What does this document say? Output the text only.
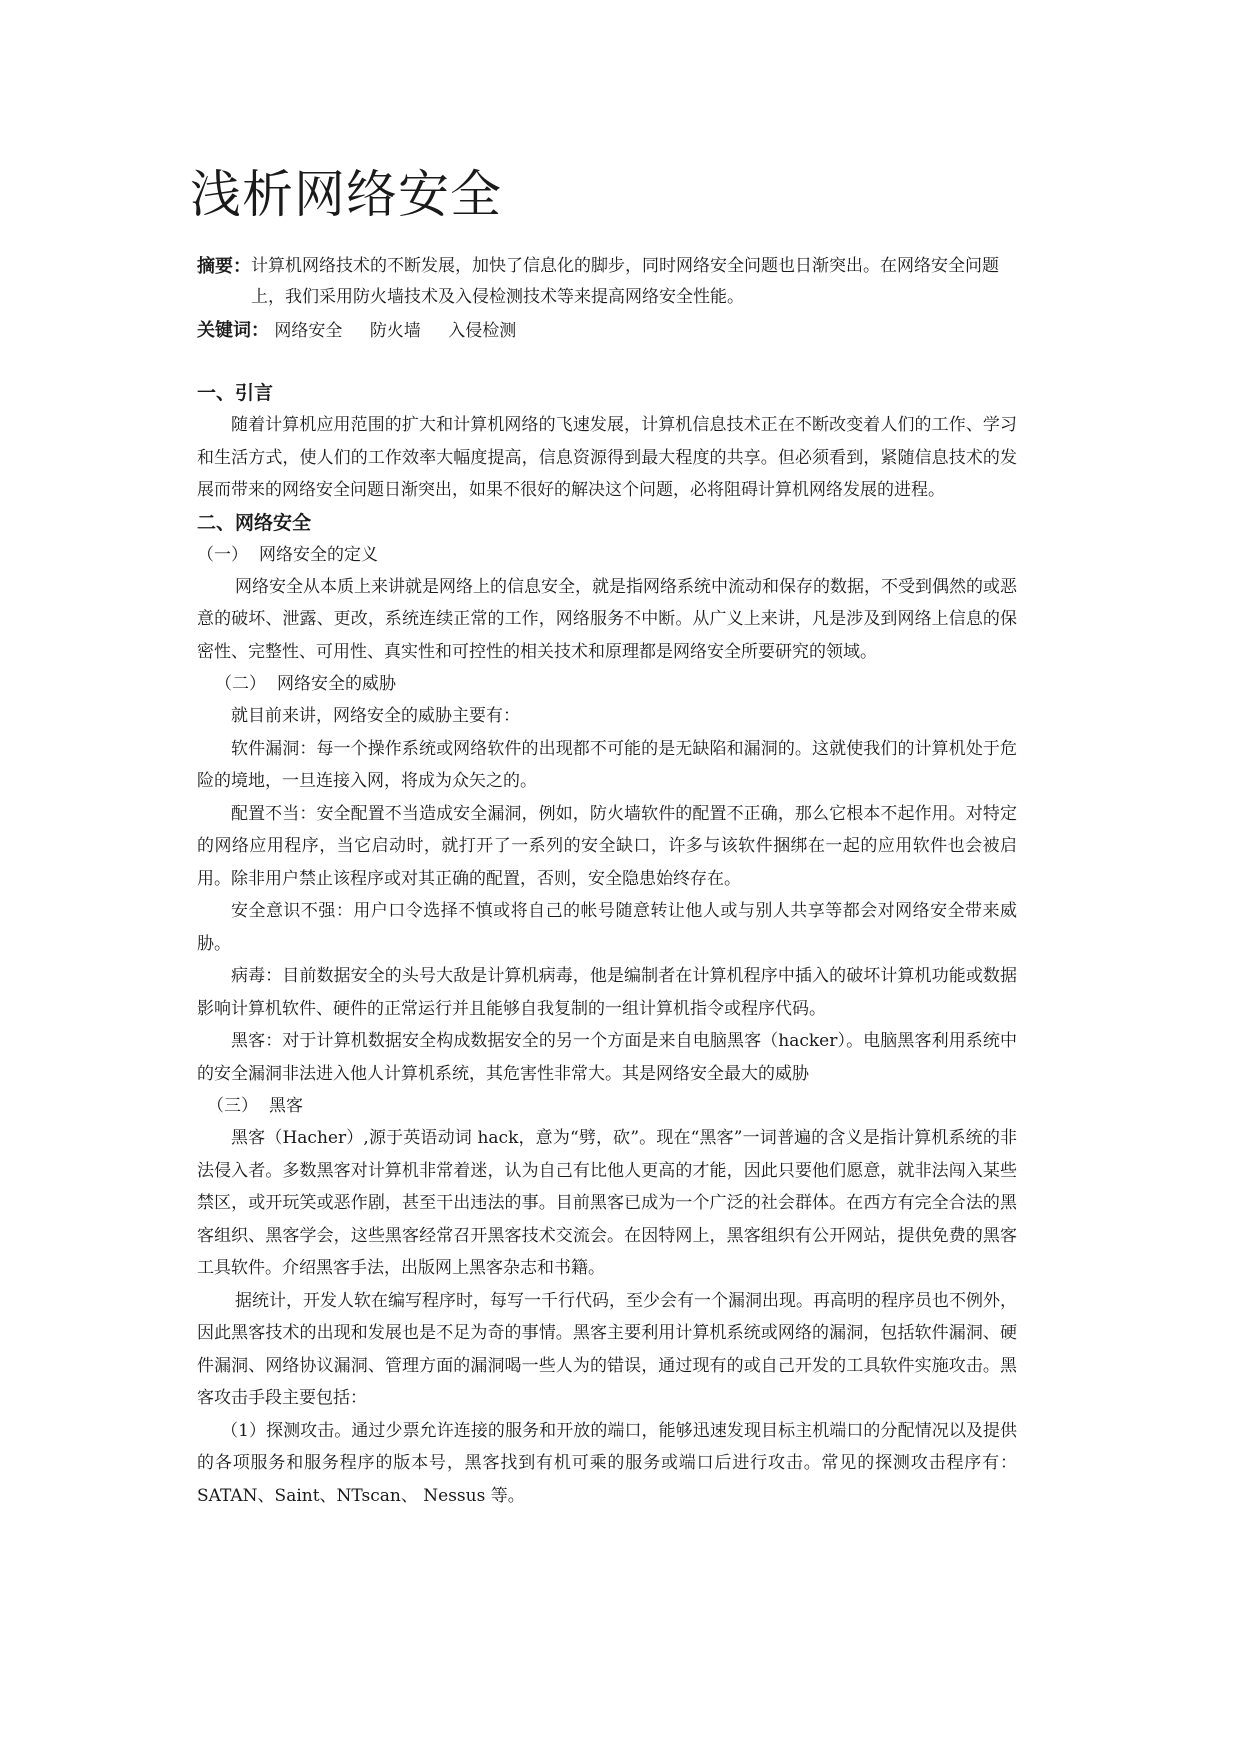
浅析网络安全
摘要： 计算机网络技术的不断发展，加快了信息化的脚步，同时网络安全问题也日渐突出。在网络安全问题上，我们采用防火墙技术及入侵检测技术等来提高网络安全性能。
关键词： 网络安全 防火墙 入侵检测
一、引言

随着计算机应用范围的扩大和计算机网络的飞速发展，计算机信息技术正在不断改变着人们的工作、学习和生活方式，使人们的工作效率大幅度提高，信息资源得到最大程度的共享。但必须看到，紧随信息技术的发展而带来的网络安全问题日渐突出，如果不很好的解决这个问题，必将阻碍计算机网络发展的进程。

二、网络安全
（一） 网络安全的定义

网络安全从本质上来讲就是网络上的信息安全，就是指网络系统中流动和保存的数据，不受到偶然的或恶意的破坏、泄露、更改，系统连续正常的工作，网络服务不中断。从广义上来讲，凡是涉及到网络上信息的保密性、完整性、可用性、真实性和可控性的相关技术和原理都是网络安全所要研究的领域。

（二） 网络安全的威胁

就目前来讲，网络安全的威胁主要有：

软件漏洞：每一个操作系统或网络软件的出现都不可能的是无缺陷和漏洞的。这就使我们的计算机处于危险的境地，一旦连接入网，将成为众矢之的。

配置不当：安全配置不当造成安全漏洞，例如，防火墙软件的配置不正确，那么它根本不起作用。对特定的网络应用程序，当它启动时，就打开了一系列的安全缺口，许多与该软件捆绑在一起的应用软件也会被启用。除非用户禁止该程序或对其正确的配置，否则，安全隐患始终存在。

安全意识不强：用户口令选择不慎或将自己的帐号随意转让他人或与别人共享等都会对网络安全带来威胁。

病毒：目前数据安全的头号大敌是计算机病毒，他是编制者在计算机程序中插入的破坏计算机功能或数据影响计算机软件、硬件的正常运行并且能够自我复制的一组计算机指令或程序代码。

黑客：对于计算机数据安全构成数据安全的另一个方面是来自电脑黑客（hacker）。电脑黑客利用系统中的安全漏洞非法进入他人计算机系统，其危害性非常大。其是网络安全最大的威胁

（三） 黑客

黑客（Hacher）,源于英语动词 hack，意为“劈，砍”。现在“黑客”一词普遍的含义是指计算机系统的非法侵入者。多数黑客对计算机非常着迷，认为自己有比他人更高的才能，因此只要他们愿意，就非法闯入某些禁区，或开玩笑或恶作剧，甚至干出违法的事。目前黑客已成为一个广泛的社会群体。在西方有完全合法的黑客组织、黑客学会，这些黑客经常召开黑客技术交流会。在因特网上，黑客组织有公开网站，提供免费的黑客工具软件。介绍黑客手法，出版网上黑客杂志和书籍。

据统计，开发人软在编写程序时，每写一千行代码，至少会有一个漏洞出现。再高明的程序员也不例外，因此黑客技术的出现和发展也是不足为奇的事情。黑客主要利用计算机系统或网络的漏洞，包括软件漏洞、硬件漏洞、网络协议漏洞、管理方面的漏洞喝一些人为的错误，通过现有的或自己开发的工具软件实施攻击。黑客攻击手段主要包括：

（1）探测攻击。通过少票允许连接的服务和开放的端口，能够迅速发现目标主机端口的分配情况以及提供的各项服务和服务程序的版本号，黑客找到有机可乘的服务或端口后进行攻击。常见的探测攻击程序有：SATAN、Saint、NTscan、 Nessus 等。
